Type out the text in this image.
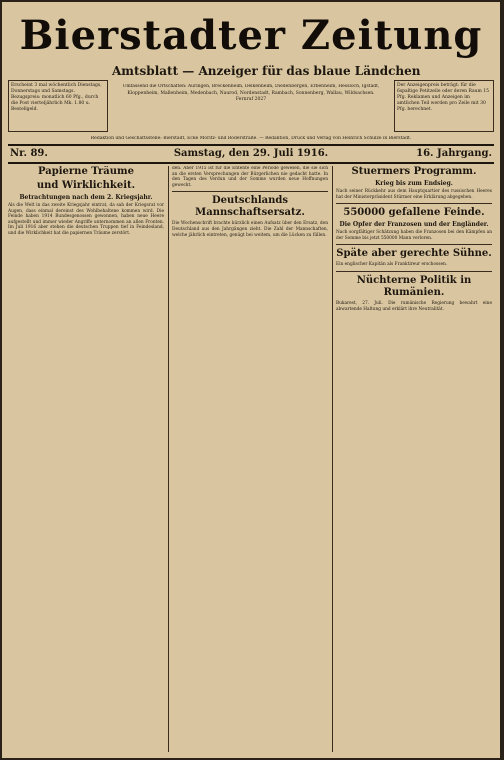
Bierstadter Zeitung
Amtsblatt — Anzeiger für das blaue Ländchen
Erscheint 3 mal wöchentlich Dienstags, Donnerstags und Samstags. Bezugspreis: monatlich 60 Pfg., durch die Post vierteljährlich Mk. 1.80 u. Bestellgeld.
Umfassend die Ortschaften: Auringen, Breckenheim, Delkenheim, Diedenbergen, Erbenheim, Hessloch, Igstadt, Kloppenheim, Mallenheim, Medenbach, Naurod, Nordenstadt, Rambach, Sonnenberg, Wallau, Wildsachsen.
Fernruf 2027
Der Anzeigenpreis beträgt: für die 6spaltige Petitzeile oder deren Raum 15 Pfg. Reklamen und Anzeigen im amtlichen Teil werden pro Zeile mit 30 Pfg. berechnet.
Redaktion und Geschäftsstelle: Bierstadt, Ecke Moritz- und Röderstraße. — Redaktion, Druck und Verlag von Heinrich Schulze in Bierstadt.
Nr. 89.	Samstag, den 29. Juli 1916.	16. Jahrgang.
Papierne Träume
und Wirklichkeit.
Betrachtungen nach dem 2. Kriegsjahr.

Als die Welt in das zweite Kriegsjahr eintrat, da sah der Kriegsrat vor Augen, dass einmal dereinst des Wohlbehaltene kommen wird. Die Feinde haben 1914 Bundesgenossen gewonnen, haben neue Heere aufgestellt und immer wieder Angriffe unternommen an allen Fronten. Im Juli 1916 aber stehen die deutschen Truppen tief in Feindesland, und die Wirklichkeit hat die papiernen Träume zerstört.

den. Aber 1915 ist für die Entente eine Periode gewesen, die sie sich an die ersten Versprechungen der Bürgerlichen nie gedacht hatte. In den Tagen des Verdun und der Somme wurden neue Hoffnungen geweckt.

Deutschlands Mannschaftsersatz.

Die Wochenschrift brachte kürzlich einen Aufsatz über den Ersatz, den Deutschland aus den Jahrgängen zieht. Die Zahl der Mannschaften, welche jährlich eintreten, genügt bei weitem, um die Lücken zu füllen.

Stuermers Programm.
Krieg bis zum Endsieg.

Nach seiner Rückkehr aus dem Hauptquartier des russischen Heeres hat der Ministerpräsident Stürmer eine Erklärung abgegeben.

550000 gefallene Feinde.
Die Opfer der Franzosen und der Engländer.

Nach sorgfältiger Schätzung haben die Franzosen bei den Kämpfen an der Somme bis jetzt 550000 Mann verloren.

Späte aber gerechte Sühne.

Ein englischer Kapitän als Franktireur erschossen.

Nüchterne Politik in Rumänien.

Bukarest, 27. Juli. Die rumänische Regierung bewahrt eine abwartende Haltung und erklärt ihre Neutralität.
